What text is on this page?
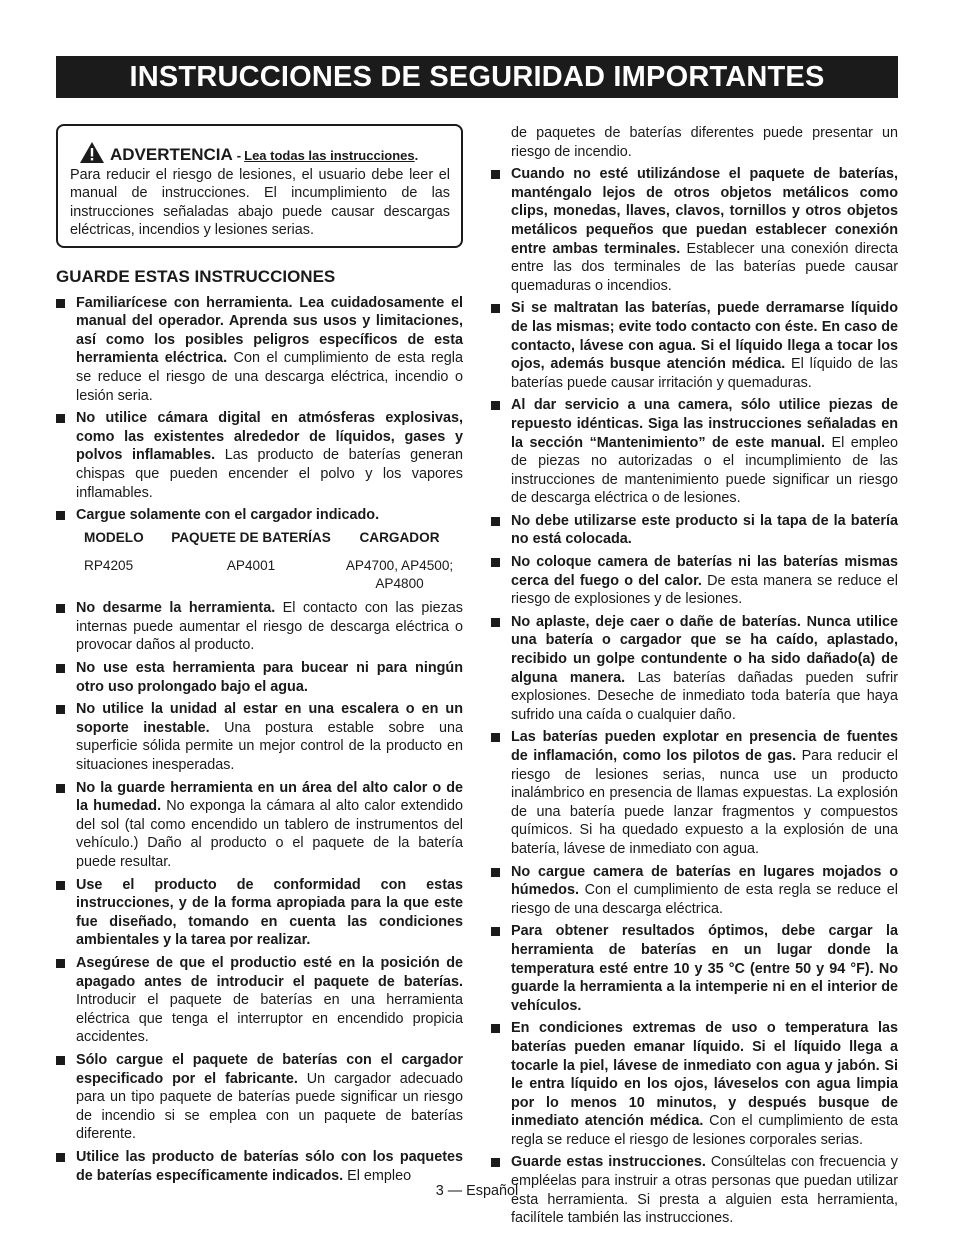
INSTRUCCIONES DE SEGURIDAD IMPORTANTES
ADVERTENCIA - Lea todas las instrucciones .
Para reducir el riesgo de lesiones, el usuario debe leer el manual de instrucciones. El incumplimiento de las instrucciones señaladas abajo puede causar descargas eléctricas, incendios y lesiones serias.
GUARDE ESTAS INSTRUCCIONES
Familiarícese con herramienta. Lea cuidadosamente el manual del operador. Aprenda sus usos y limitaciones, así como los posibles peligros específicos de esta herramienta eléctrica. Con el cumplimiento de esta regla se reduce el riesgo de una descarga eléctrica, incendio o lesión seria.
No utilice cámara digital en atmósferas explosivas, como las existentes alrededor de líquidos, gases y polvos inflamables. Las producto de baterías generan chispas que pueden encender el polvo y los vapores inflamables.
Cargue solamente con el cargador indicado.
MODELO	PAQUETE DE BATERÍAS	CARGADOR
RP4205	AP4001	AP4700, AP4500; AP4800
No desarme la herramienta. El contacto con las piezas internas puede aumentar el riesgo de descarga eléctrica o provocar daños al producto.
No use esta herramienta para bucear ni para ningún otro uso prolongado bajo el agua.
No utilice la unidad al estar en una escalera o en un soporte inestable. Una postura estable sobre una superficie sólida permite un mejor control de la producto en situaciones inesperadas.
No la guarde herramienta en un área del alto calor o de la humedad. No exponga la cámara al alto calor extendido del sol (tal como encendido un tablero de instrumentos del vehículo.) Daño al producto o el paquete de la batería puede resultar.
Use el producto de conformidad con estas instrucciones, y de la forma apropiada para la que este fue diseñado, tomando en cuenta las condiciones ambientales y la tarea por realizar.
Asegúrese de que el productio esté en la posición de apagado antes de introducir el paquete de baterías. Introducir el paquete de baterías en una herramienta eléctrica que tenga el interruptor en encendido propicia accidentes.
Sólo cargue el paquete de baterías con el cargador especificado por el fabricante. Un cargador adecuado para un tipo paquete de baterías puede significar un riesgo de incendio si se emplea con un paquete de baterías diferente.
Utilice las producto de baterías sólo con los paquetes de baterías específicamente indicados. El empleo
de paquetes de baterías diferentes puede presentar un riesgo de incendio.
Cuando no esté utilizándose el paquete de baterías, manténgalo lejos de otros objetos metálicos como clips, monedas, llaves, clavos, tornillos y otros objetos metálicos pequeños que puedan establecer conexión entre ambas terminales. Establecer una conexión directa entre las dos terminales de las baterías puede causar quemaduras o incendios.
Si se maltratan las baterías, puede derramarse líquido de las mismas; evite todo contacto con éste. En caso de contacto, lávese con agua. Si el líquido llega a tocar los ojos, además busque atención médica. El líquido de las baterías puede causar irritación y quemaduras.
Al dar servicio a una camera, sólo utilice piezas de repuesto idénticas. Siga las instrucciones señaladas en la sección “Mantenimiento” de este manual. El empleo de piezas no autorizadas o el incumplimiento de las instrucciones de mantenimiento puede significar un riesgo de descarga eléctrica o de lesiones.
No debe utilizarse este producto si la tapa de la batería no está colocada.
No coloque camera de baterías ni las baterías mismas cerca del fuego o del calor. De esta manera se reduce el riesgo de explosiones y de lesiones.
No aplaste, deje caer o dañe de baterías. Nunca utilice una batería o cargador que se ha caído, aplastado, recibido un golpe contundente o ha sido dañado(a) de alguna manera. Las baterías dañadas pueden sufrir explosiones. Deseche de inmediato toda batería que haya sufrido una caída o cualquier daño.
Las baterías pueden explotar en presencia de fuentes de inflamación, como los pilotos de gas. Para reducir el riesgo de lesiones serias, nunca use un producto inalámbrico en presencia de llamas expuestas. La explosión de una batería puede lanzar fragmentos y compuestos químicos. Si ha quedado expuesto a la explosión de una batería, lávese de inmediato con agua.
No cargue camera de baterías en lugares mojados o húmedos. Con el cumplimiento de esta regla se reduce el riesgo de una descarga eléctrica.
Para obtener resultados óptimos, debe cargar la herramienta de baterías en un lugar donde la temperatura esté entre 10 y 35 °C (entre 50 y 94 °F). No guarde la herramienta a la intemperie ni en el interior de vehículos.
En condiciones extremas de uso o temperatura las baterías pueden emanar líquido. Si el líquido llega a tocarle la piel, lávese de inmediato con agua y jabón. Si le entra líquido en los ojos, láveselos con agua limpia por lo menos 10 minutos, y después busque de inmediato atención médica. Con el cumplimiento de esta regla se reduce el riesgo de lesiones corporales serias.
Guarde estas instrucciones. Consúltelas con frecuencia y empléelas para instruir a otras personas que puedan utilizar esta herramienta. Si presta a alguien esta herramienta, facilítele también las instrucciones.
3 — Español
